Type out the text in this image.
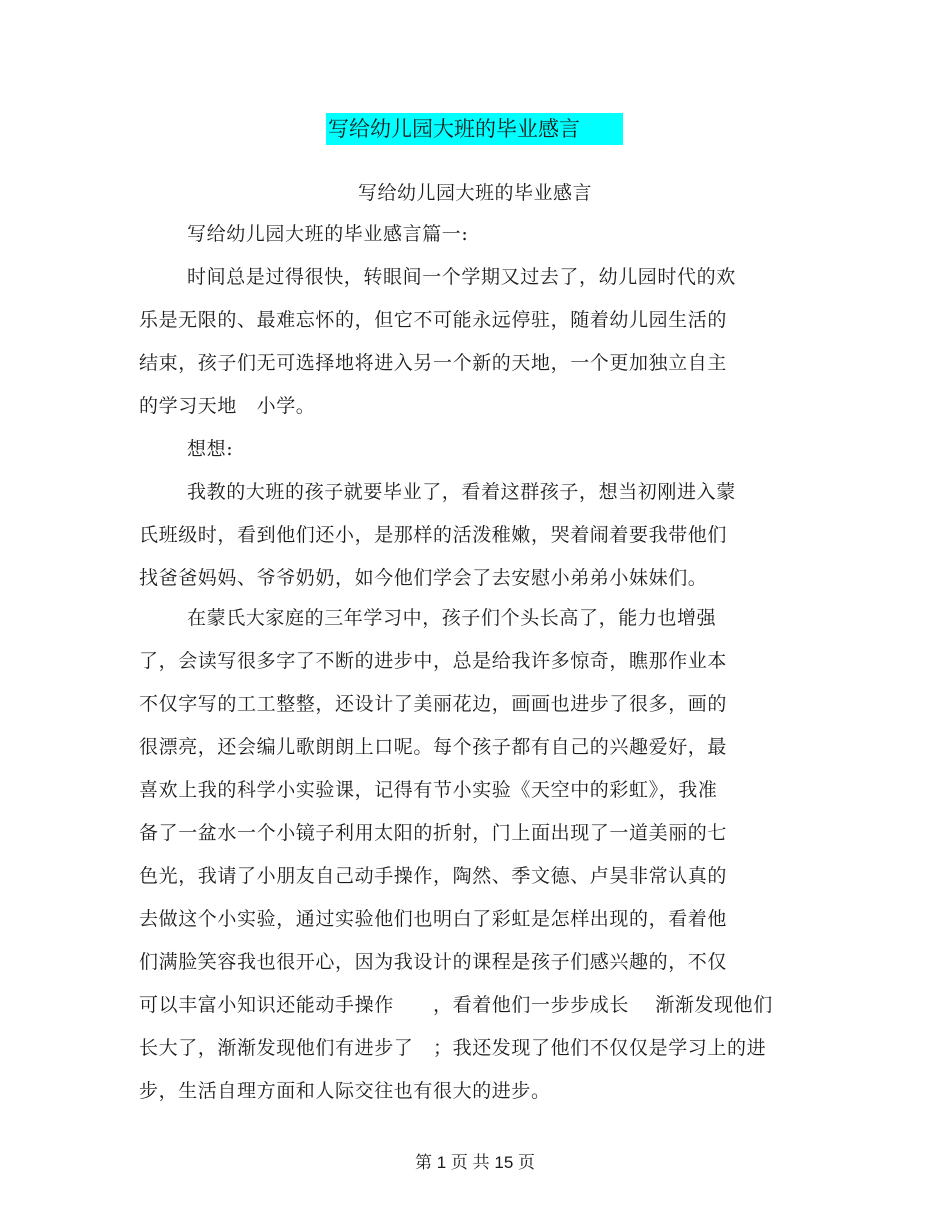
写给幼儿园大班的毕业感言
写给幼儿园大班的毕业感言
写给幼儿园大班的毕业感言篇一:
时间总是过得很快，转眼间一个学期又过去了，幼儿园时代的欢
乐是无限的、最难忘怀的，但它不可能永远停驻，随着幼儿园生活的
结束，孩子们无可选择地将进入另一个新的天地，一个更加独立自主
的学习天地　小学。
想想:
我教的大班的孩子就要毕业了，看着这群孩子，想当初刚进入蒙
氏班级时，看到他们还小，是那样的活泼稚嫩，哭着闹着要我带他们
找爸爸妈妈、爷爷奶奶，如今他们学会了去安慰小弟弟小妹妹们。
在蒙氏大家庭的三年学习中，孩子们个头长高了，能力也增强
了，会读写很多字了不断的进步中，总是给我许多惊奇，瞧那作业本
不仅字写的工工整整，还设计了美丽花边，画画也进步了很多，画的
很漂亮，还会编儿歌朗朗上口呢。每个孩子都有自己的兴趣爱好，最
喜欢上我的科学小实验课，记得有节小实验《天空中的彩虹》，我准
备了一盆水一个小镜子利用太阳的折射，门上面出现了一道美丽的七
色光，我请了小朋友自己动手操作，陶然、季文德、卢昊非常认真的
去做这个小实验，通过实验他们也明白了彩虹是怎样出现的，看着他
们满脸笑容我也很开心，因为我设计的课程是孩子们感兴趣的，不仅
可以丰富小知识还能动手操作　　，看着他们一步步成长　 渐渐发现他们
长大了，渐渐发现他们有进步了　；我还发现了他们不仅仅是学习上的进
步，生活自理方面和人际交往也有很大的进步。
第 1 页 共 15 页
